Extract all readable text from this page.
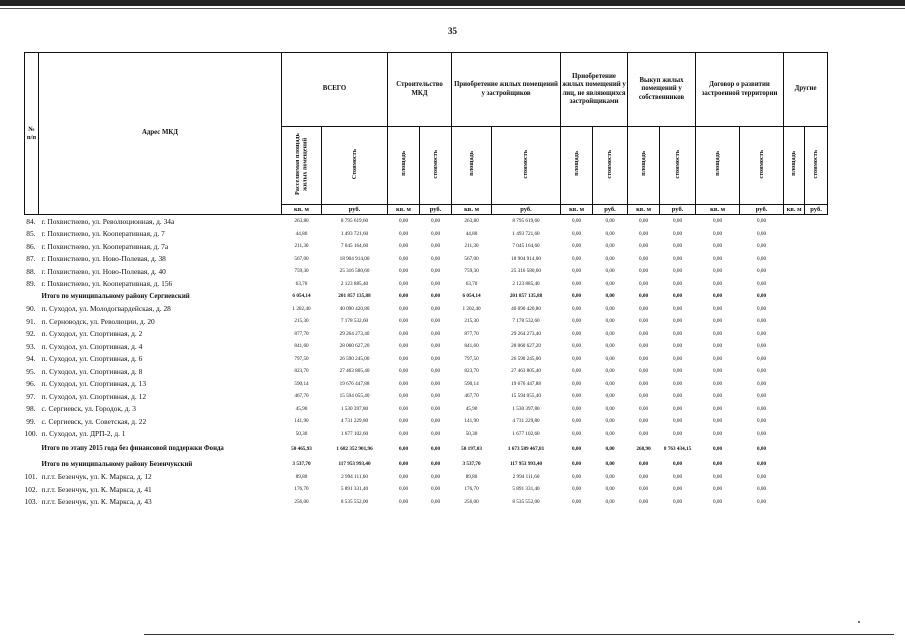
35
№
п/п	Адрес МКД	ВСЕГО		Строительство МКД		Приобретение жилых помещений у застройщиков		Приобретение жилых помещений у лиц, не являющихся застройщиками		Выкуп жилых помещений у собственников		Договор о развитии застроенной территории		Другие	
		Расселяемая площадь жилых помещений	Стоимость	площадь	стоимость	площадь	стоимость	площадь	стоимость	площадь	стоимость	площадь	стоимость	площадь	стоимость
		кв. м	руб.	кв. м	руб.	кв. м	руб.	кв. м	руб.	кв. м	руб.	кв. м	руб.	кв. м	руб.
84.	г. Похвистнево, ул. Революционная, д. 34а	263,80	8 795 619,60	0,00	0,00	263,80	8 795 619,60	0,00	0,00	0,00	0,00	0,00	0,00		
85.	г. Похвистнево, ул. Кооперативная, д. 7	44,80	1 493 721,60	0,00	0,00	44,80	1 493 721,60	0,00	0,00	0,00	0,00	0,00	0,00		
86.	г. Похвистнево, ул. Кооперативная, д. 7а	211,30	7 045 164,60	0,00	0,00	211,30	7 045 164,60	0,00	0,00	0,00	0,00	0,00	0,00		
87.	г. Похвистнево, ул. Ново-Полевая, д. 38	567,00	18 904 914,00	0,00	0,00	567,00	18 904 914,00	0,00	0,00	0,00	0,00	0,00	0,00		
88.	г. Похвистнево, ул. Ново-Полевая, д. 40	759,30	25 316 580,60	0,00	0,00	759,30	25 316 580,60	0,00	0,00	0,00	0,00	0,00	0,00		
89.	г. Похвистнево, ул. Кооперативная, д. 156	63,70	2 123 885,40	0,00	0,00	63,70	2 123 885,40	0,00	0,00	0,00	0,00	0,00	0,00		
	Итого по муниципальному району Сергиевский	6 054,14	201 857 135,88	0,00	0,00	6 054,14	201 857 135,88	0,00	0,00	0,00	0,00	0,00	0,00		
90.	п. Суходол, ул. Молодогвардейская, д. 28	1 202,40	40 090 420,80	0,00	0,00	1 202,40	40 090 420,80	0,00	0,00	0,00	0,00	0,00	0,00		
91.	п. Серноводск, ул. Революции, д. 20	215,30	7 178 532,60	0,00	0,00	215,30	7 178 532,60	0,00	0,00	0,00	0,00	0,00	0,00		
92.	п. Суходол, ул. Спортивная, д. 2	877,70	29 264 273,40	0,00	0,00	877,70	29 264 273,40	0,00	0,00	0,00	0,00	0,00	0,00		
93.	п. Суходол, ул. Спортивная, д. 4	841,60	28 060 627,20	0,00	0,00	841,60	28 060 627,20	0,00	0,00	0,00	0,00	0,00	0,00		
94.	п. Суходол, ул. Спортивная, д. 6	797,50	26 590 245,00	0,00	0,00	797,50	26 590 245,00	0,00	0,00	0,00	0,00	0,00	0,00		
95.	п. Суходол, ул. Спортивная, д. 8	823,70	27 463 805,40	0,00	0,00	823,70	27 463 805,40	0,00	0,00	0,00	0,00	0,00	0,00		
96.	п. Суходол, ул. Спортивная, д. 13	590,14	19 676 447,88	0,00	0,00	590,14	19 676 447,88	0,00	0,00	0,00	0,00	0,00	0,00		
97.	п. Суходол, ул. Спортивная, д. 12	467,70	15 594 055,40	0,00	0,00	467,70	15 594 055,40	0,00	0,00	0,00	0,00	0,00	0,00		
98.	с. Сергиевск, ул. Городок, д. 3	45,90	1 530 397,80	0,00	0,00	45,90	1 530 397,80	0,00	0,00	0,00	0,00	0,00	0,00		
99.	с. Сергиевск, ул. Советская, д. 22	141,90	4 731 229,80	0,00	0,00	141,90	4 731 229,80	0,00	0,00	0,00	0,00	0,00	0,00		
100.	п. Суходол, ул. ДРП-2, д. 1	50,30	1 677 102,60	0,00	0,00	50,30	1 677 102,60	0,00	0,00	0,00	0,00	0,00	0,00		
	Итого по этапу 2015 года без финансовой поддержки Фонда	50 465,93	1 682 352 901,96	0,00	0,00	50 197,03	1 673 589 467,81	0,00	0,00	268,90	8 763 434,15	0,00	0,00		
	Итого по муниципальному району Безенчукский	3 537,70	117 953 993,40	0,00	0,00	3 537,70	117 953 993,40	0,00	0,00	0,00	0,00	0,00	0,00		
101.	п.г.т. Безенчук, ул. К. Маркса, д. 12	89,80	2 994 111,60	0,00	0,00	89,80	2 994 111,60	0,00	0,00	0,00	0,00	0,00	0,00		
102.	п.г.т. Безенчук, ул. К. Маркса, д. 41	176,70	5 891 331,40	0,00	0,00	176,70	5 891 331,40	0,00	0,00	0,00	0,00	0,00	0,00		
103.	п.г.т. Безенчук, ул. К. Маркса, д. 43	256,00	8 535 552,00	0,00	0,00	256,00	8 535 552,00	0,00	0,00	0,00	0,00	0,00	0,00		
